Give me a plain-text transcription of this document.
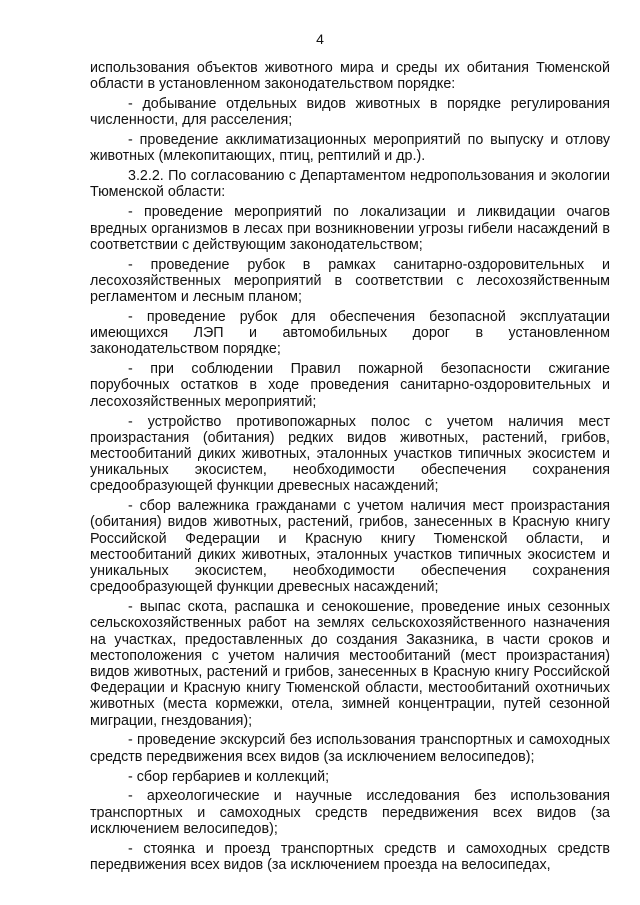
4

использования объектов животного мира и среды их обитания Тюменской области в установленном законодательством порядке:

- добывание отдельных видов животных в порядке регулирования численности, для расселения;

- проведение акклиматизационных мероприятий по выпуску и отлову животных (млекопитающих, птиц, рептилий и др.).

3.2.2. По согласованию с Департаментом недропользования и экологии Тюменской области:

- проведение мероприятий по локализации и ликвидации очагов вредных организмов в лесах при возникновении угрозы гибели насаждений в соответствии с действующим законодательством;

- проведение рубок в рамках санитарно-оздоровительных и лесохозяйственных мероприятий в соответствии с лесохозяйственным регламентом и лесным планом;

- проведение рубок для обеспечения безопасной эксплуатации имеющихся ЛЭП и автомобильных дорог в установленном законодательством порядке;

- при соблюдении Правил пожарной безопасности сжигание порубочных остатков в ходе проведения санитарно-оздоровительных и лесохозяйственных мероприятий;

- устройство противопожарных полос с учетом наличия мест произрастания (обитания) редких видов животных, растений, грибов, местообитаний диких животных, эталонных участков типичных экосистем и уникальных экосистем, необходимости обеспечения сохранения средообразующей функции древесных насаждений;

- сбор валежника гражданами с учетом наличия мест произрастания (обитания) видов животных, растений, грибов, занесенных в Красную книгу Российской Федерации и Красную книгу Тюменской области, и местообитаний диких животных, эталонных участков типичных экосистем и уникальных экосистем, необходимости обеспечения сохранения средообразующей функции древесных насаждений;

- выпас скота, распашка и сенокошение, проведение иных сезонных сельскохозяйственных работ на землях сельскохозяйственного назначения на участках, предоставленных до создания Заказника, в части сроков и местоположения с учетом наличия местообитаний (мест произрастания) видов животных, растений и грибов, занесенных в Красную книгу Российской Федерации и Красную книгу Тюменской области, местообитаний охотничьих животных (места кормежки, отела, зимней концентрации, путей сезонной миграции, гнездования);

- проведение экскурсий без использования транспортных и самоходных средств передвижения всех видов (за исключением велосипедов);

- сбор гербариев и коллекций;

- археологические и научные исследования без использования транспортных и самоходных средств передвижения всех видов (за исключением велосипедов);

- стоянка и проезд транспортных средств и самоходных средств передвижения всех видов (за исключением проезда на велосипедах,
